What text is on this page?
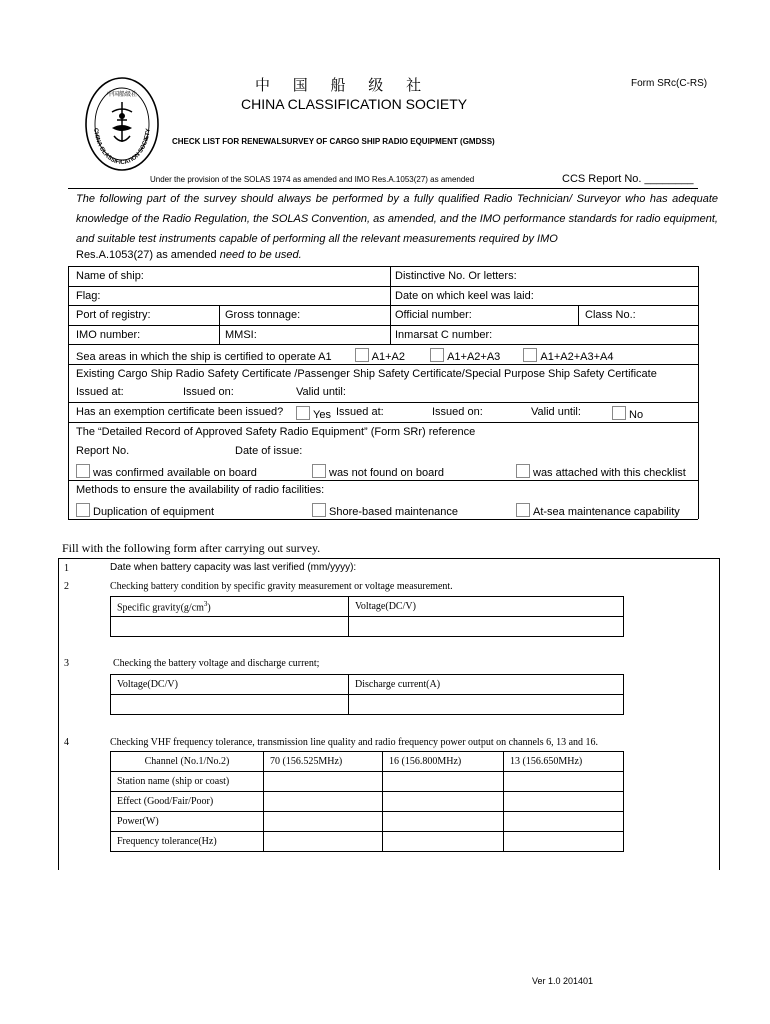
CHINA CLASSIFICATION SOCIETY
中国船级社
中 国 船 级 社	Form SRc(C-RS)
CHINA CLASSIFICATION SOCIETY
CHECK LIST FOR RENEWALSURVEY OF CARGO SHIP RADIO EQUIPMENT (GMDSS)
Under the provision of the SOLAS 1974 as amended and IMO Res.A.1053(27) as amended	CCS Report No. ________
The following part of the survey should always be performed by a fully qualified Radio Technician/ Surveyor who has adequate knowledge of the Radio Regulation, the SOLAS Convention, as amended, and the IMO performance standards for radio equipment, and suitable test instruments capable of performing all the relevant measurements required by IMO
Res.A.1053(27) as amended need to be used.
Name of ship:	Distinctive No. Or letters:
Flag:	Date on which keel was laid:
Port of registry:	Gross tonnage:	Official number:	Class No.:
IMO number:	MMSI:	Inmarsat C number:
Sea areas in which the ship is certified to operate A1	A1+A2	A1+A2+A3	A1+A2+A3+A4
Existing Cargo Ship Radio Safety Certificate /Passenger Ship Safety Certificate/Special Purpose Ship Safety Certificate
Issued at:	Issued on:	Valid until:
Has an exemption certificate been issued?	Yes Issued at:	Issued on:	Valid until:	No
The “Detailed Record of Approved Safety Radio Equipment” (Form SRr) reference
Report No.	Date of issue:
was confirmed available on board	was not found on board	was attached with this checklist
Methods to ensure the availability of radio facilities:
Duplication of equipment	Shore-based maintenance	At-sea maintenance capability
Fill with the following form after carrying out survey.
1	Date when battery capacity was last verified (mm/yyyy):
2	Checking battery condition by specific gravity measurement or voltage measurement.
Specific $gravity(g/cm^3)$	Voltage(DC/V)

3	Checking the battery voltage and discharge current;
Voltage(DC/V)	Discharge current(A)

4	Checking VHF frequency tolerance, transmission line quality and radio frequency power output on channels 6, 13 and 16.
Channel (No.1/No.2)	70 (156.525MHz)	16 (156.800MHz)	13 (156.650MHz)
Station name (ship or coast)			
Effect (Good/Fair/Poor)			
Power(W)			
Frequency tolerance(Hz)			
Ver 1.0 201401
